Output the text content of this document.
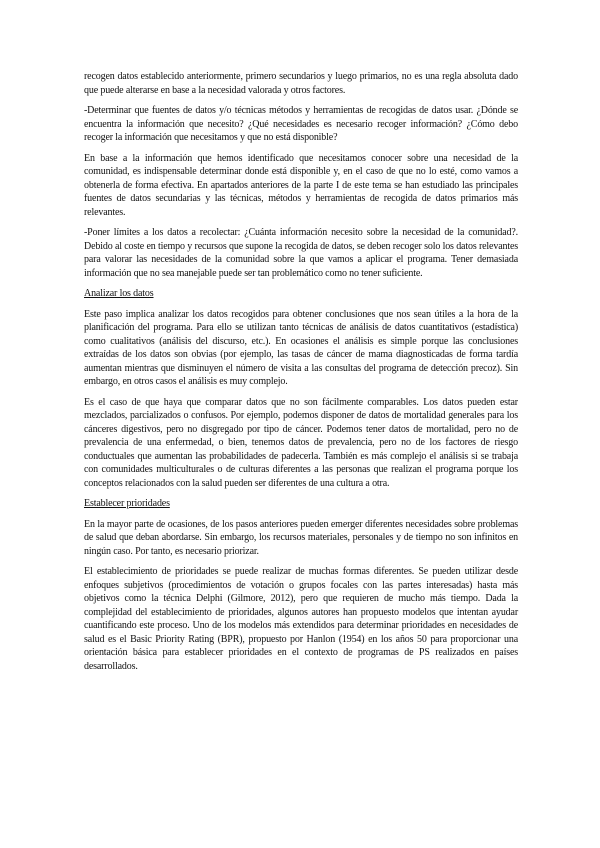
recogen datos establecido anteriormente, primero secundarios y luego primarios, no es una regla absoluta dado que puede alterarse en base a la necesidad valorada y otros factores.

-Determinar que fuentes de datos y/o técnicas métodos y herramientas de recogidas de datos usar. ¿Dónde se encuentra la información que necesito? ¿Qué necesidades es necesario recoger información? ¿Cómo debo recoger la información que necesitamos y que no está disponible?

En base a la información que hemos identificado que necesitamos conocer sobre una necesidad de la comunidad, es indispensable determinar donde está disponible y, en el caso de que no lo esté, como vamos a obtenerla de forma efectiva. En apartados anteriores de la parte I de este tema se han estudiado las principales fuentes de datos secundarias y las técnicas, métodos y herramientas de recogida de datos primarios más relevantes.

-Poner límites a los datos a recolectar: ¿Cuánta información necesito sobre la necesidad de la comunidad?. Debido al coste en tiempo y recursos que supone la recogida de datos, se deben recoger solo los datos relevantes para valorar las necesidades de la comunidad sobre la que vamos a aplicar el programa. Tener demasiada información que no sea manejable puede ser tan problemático como no tener suficiente.

Analizar los datos

Este paso implica analizar los datos recogidos para obtener conclusiones que nos sean útiles a la hora de la planificación del programa. Para ello se utilizan tanto técnicas de análisis de datos cuantitativos (estadística) como cualitativos (análisis del discurso, etc.). En ocasiones el análisis es simple porque las conclusiones extraídas de los datos son obvias (por ejemplo, las tasas de cáncer de mama diagnosticadas de forma tardía aumentan mientras que disminuyen el número de visita a las consultas del programa de detección precoz). Sin embargo, en otros casos el análisis es muy complejo.

Es el caso de que haya que comparar datos que no son fácilmente comparables. Los datos pueden estar mezclados, parcializados o confusos. Por ejemplo, podemos disponer de datos de mortalidad generales para los cánceres digestivos, pero no disgregado por tipo de cáncer. Podemos tener datos de mortalidad, pero no de prevalencia de una enfermedad, o bien, tenemos datos de prevalencia, pero no de los factores de riesgo conductuales que aumentan las probabilidades de padecerla. También es más complejo el análisis si se trabaja con comunidades multiculturales o de culturas diferentes a las personas que realizan el programa porque los conceptos relacionados con la salud pueden ser diferentes de una cultura a otra.

Establecer prioridades

En la mayor parte de ocasiones, de los pasos anteriores pueden emerger diferentes necesidades sobre problemas de salud que deban abordarse. Sin embargo, los recursos materiales, personales y de tiempo no son infinitos en ningún caso. Por tanto, es necesario priorizar.

El establecimiento de prioridades se puede realizar de muchas formas diferentes. Se pueden utilizar desde enfoques subjetivos (procedimientos de votación o grupos focales con las partes interesadas) hasta más objetivos como la técnica Delphi (Gilmore, 2012), pero que requieren de mucho más tiempo. Dada la complejidad del establecimiento de prioridades, algunos autores han propuesto modelos que intentan ayudar cuantificando este proceso. Uno de los modelos más extendidos para determinar prioridades en necesidades de salud es el Basic Priority Rating (BPR), propuesto por Hanlon (1954) en los años 50 para proporcionar una orientación básica para establecer prioridades en el contexto de programas de PS realizados en países desarrollados.
